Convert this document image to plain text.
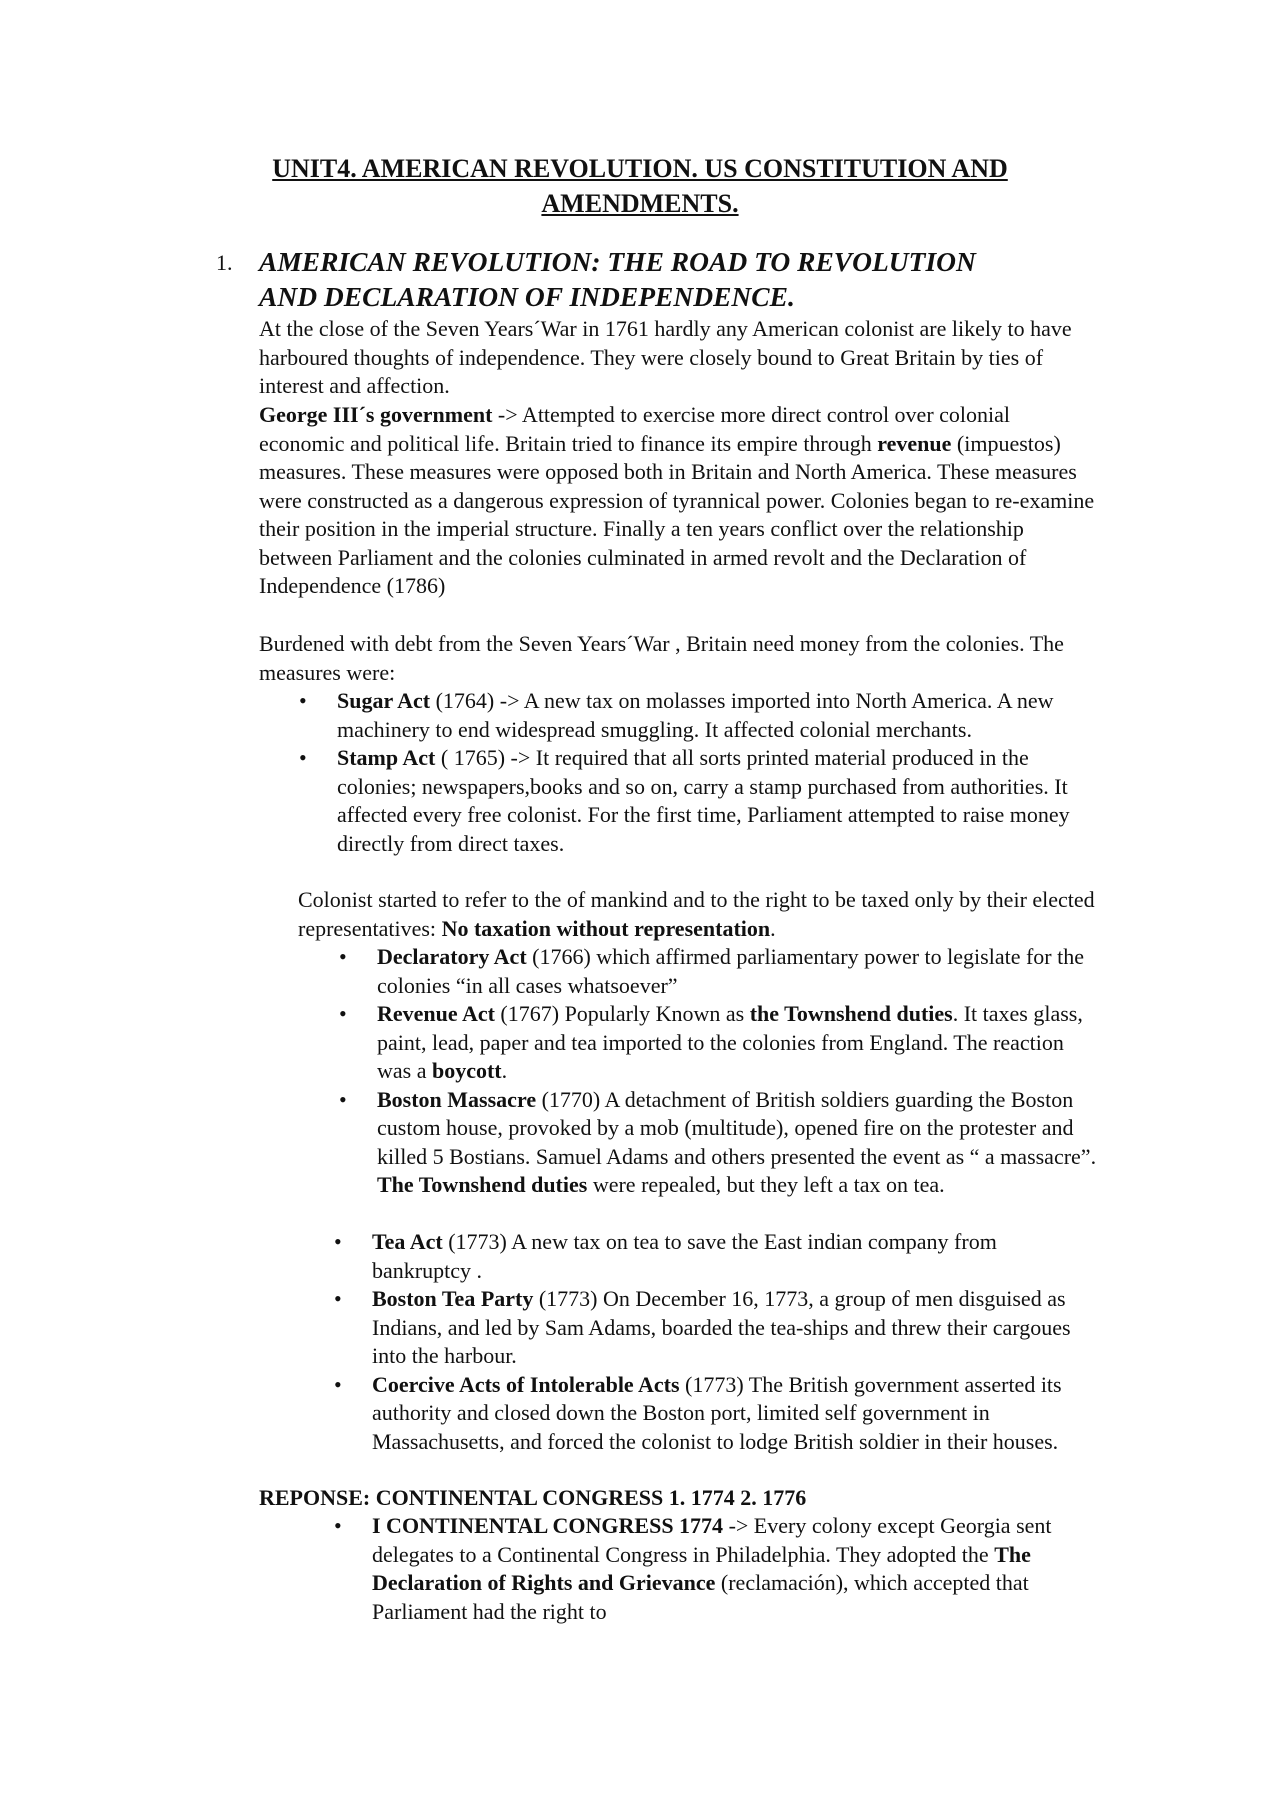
UNIT4. AMERICAN REVOLUTION. US CONSTITUTION AND
AMENDMENTS.

1. AMERICAN REVOLUTION: THE ROAD TO REVOLUTION
AND DECLARATION OF INDEPENDENCE.

At the close of the Seven Years´War in 1761 hardly any American colonist are likely to have harboured thoughts of independence. They were closely bound to Great Britain by ties of interest and affection.

George III´s government -> Attempted to exercise more direct control over colonial economic and political life. Britain tried to finance its empire through revenue (impuestos) measures. These measures were opposed both in Britain and North America. These measures were constructed as a dangerous expression of tyrannical power. Colonies began to re-examine their position in the imperial structure. Finally a ten years conflict over the relationship between Parliament and the colonies culminated in armed revolt and the Declaration of Independence (1786)

Burdened with debt from the Seven Years´War , Britain need money from the colonies. The measures were:

• Sugar Act (1764) -> A new tax on molasses imported into North America. A new machinery to end widespread smuggling. It affected colonial merchants.
• Stamp Act ( 1765) -> It required that all sorts printed material produced in the colonies; newspapers,books and so on, carry a stamp purchased from authorities. It affected every free colonist. For the first time, Parliament attempted to raise money directly from direct taxes.

Colonist started to refer to the of mankind and to the right to be taxed only by their elected representatives: No taxation without representation.

• Declaratory Act (1766) which affirmed parliamentary power to legislate for the colonies “in all cases whatsoever”
• Revenue Act (1767) Popularly Known as the Townshend duties. It taxes glass, paint, lead, paper and tea imported to the colonies from England. The reaction was a boycott.
• Boston Massacre (1770) A detachment of British soldiers guarding the Boston custom house, provoked by a mob (multitude), opened fire on the protester and killed 5 Bostians. Samuel Adams and others presented the event as “ a massacre”.
The Townshend duties were repealed, but they left a tax on tea.
• Tea Act (1773) A new tax on tea to save the East indian company from bankruptcy .
• Boston Tea Party (1773) On December 16, 1773, a group of men disguised as Indians, and led by Sam Adams, boarded the tea-ships and threw their cargoues into the harbour.
• Coercive Acts of Intolerable Acts (1773) The British government asserted its authority and closed down the Boston port, limited self government in Massachusetts, and forced the colonist to lodge British soldier in their houses.

REPONSE: CONTINENTAL CONGRESS 1. 1774 2. 1776

• I CONTINENTAL CONGRESS 1774 -> Every colony except Georgia sent delegates to a Continental Congress in Philadelphia. They adopted the The Declaration of Rights and Grievance (reclamación), which accepted that Parliament had the right to
